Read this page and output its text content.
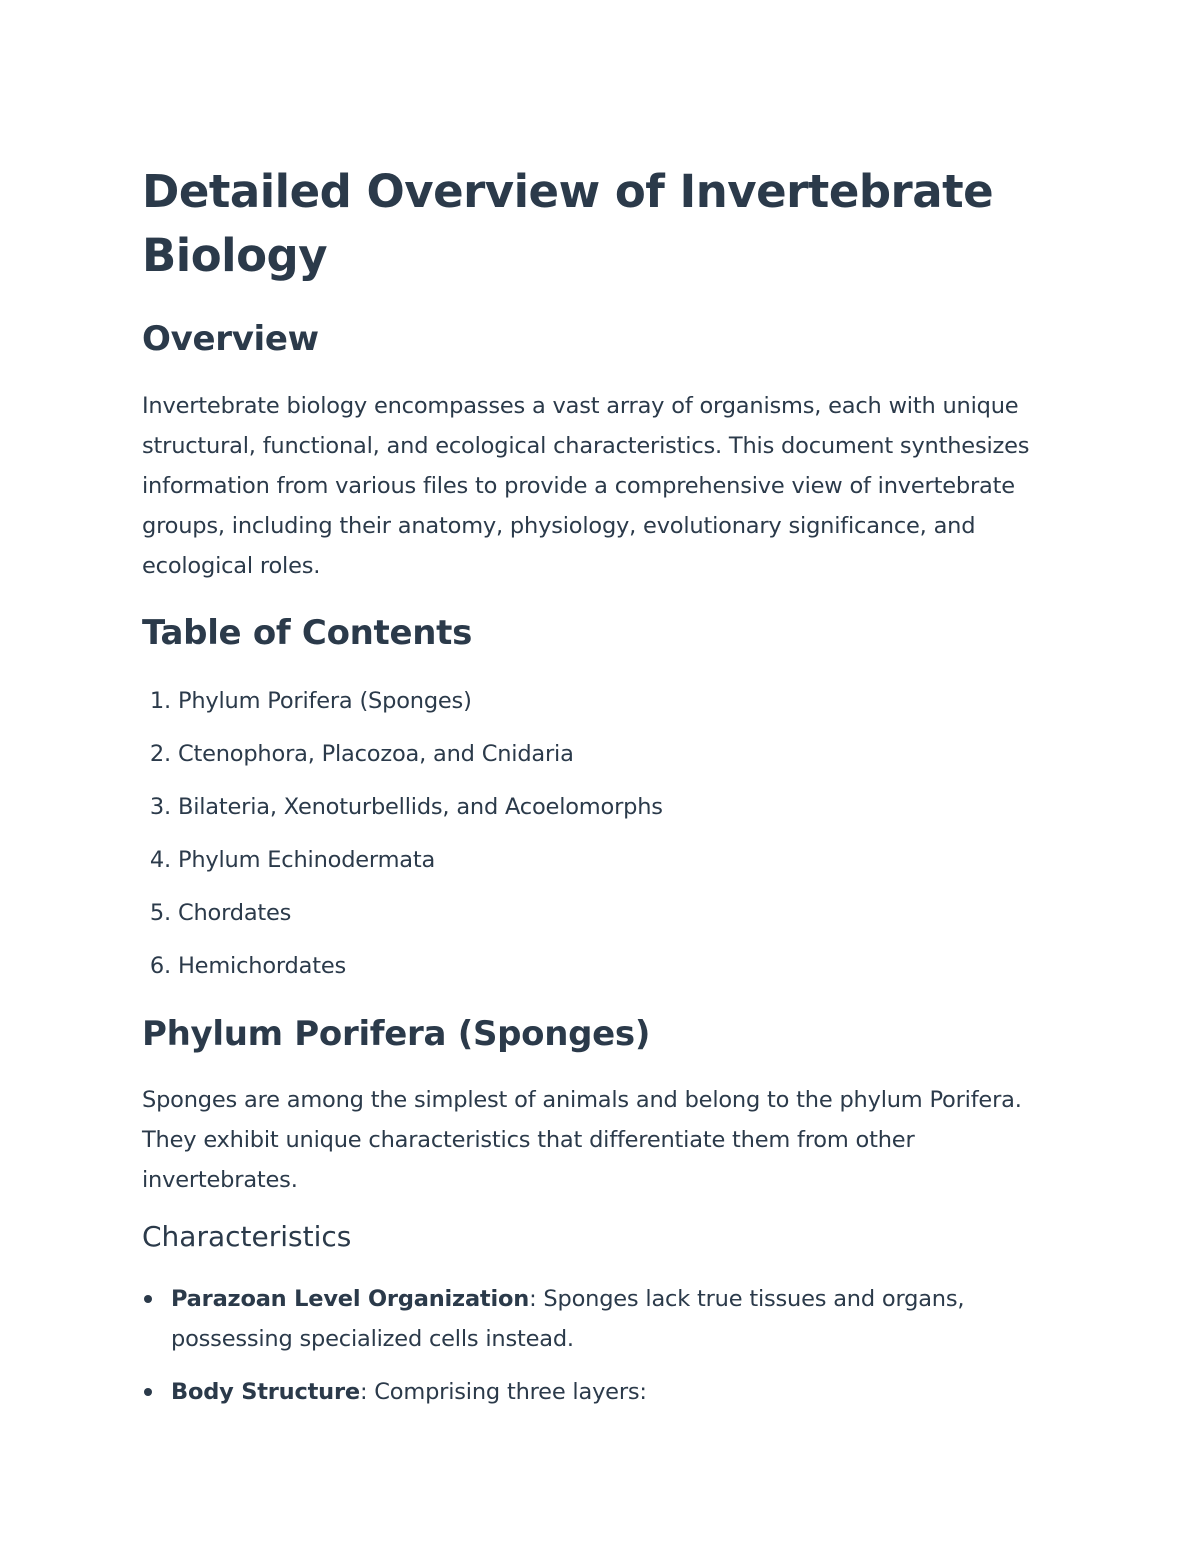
Detailed Overview of Invertebrate Biology
Overview

Invertebrate biology encompasses a vast array of organisms, each with unique structural, functional, and ecological characteristics. This document synthesizes information from various files to provide a comprehensive view of invertebrate groups, including their anatomy, physiology, evolutionary significance, and ecological roles.

Table of Contents
1. Phylum Porifera (Sponges)
2. Ctenophora, Placozoa, and Cnidaria
3. Bilateria, Xenoturbellids, and Acoelomorphs
4. Phylum Echinodermata
5. Chordates
6. Hemichordates
Phylum Porifera (Sponges)

Sponges are among the simplest of animals and belong to the phylum Porifera. They exhibit unique characteristics that differentiate them from other invertebrates.

Characteristics
Parazoan Level Organization: Sponges lack true tissues and organs, possessing specialized cells instead.
Body Structure: Comprising three layers:
